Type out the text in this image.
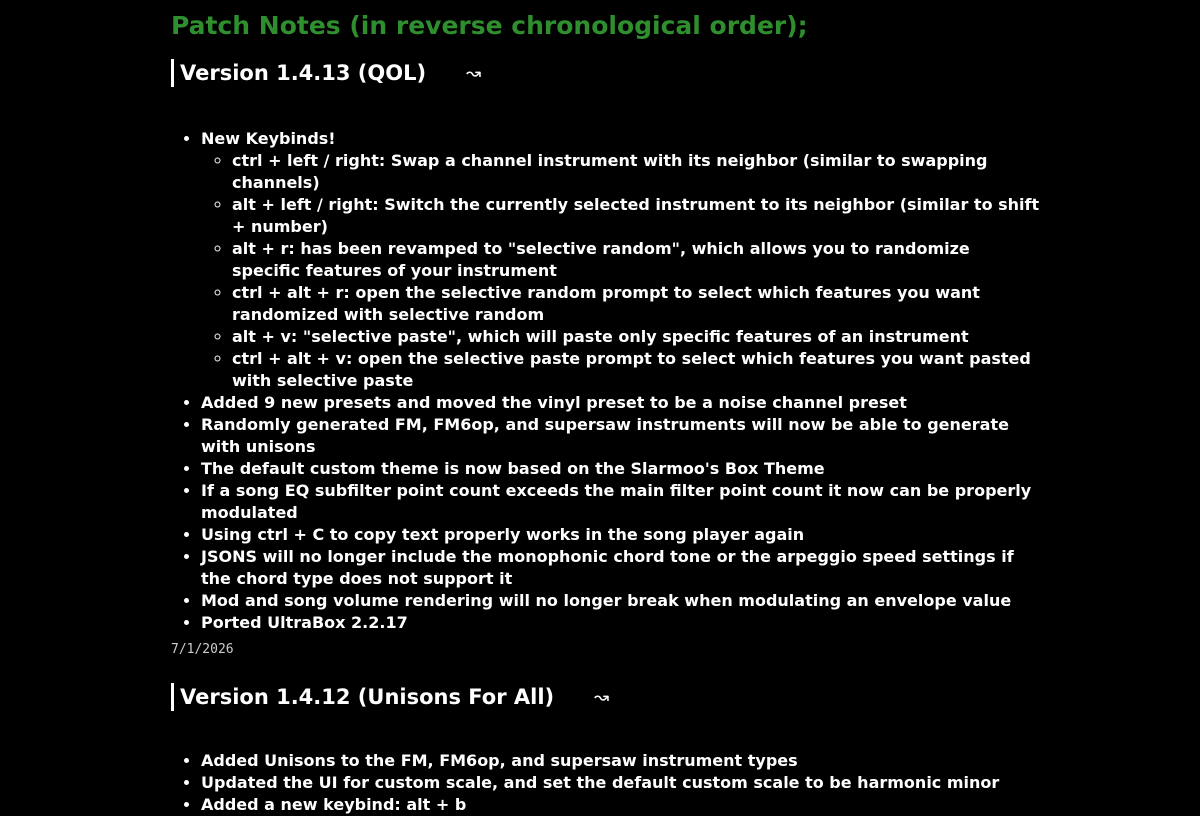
Patch Notes (in reverse chronological order);
Version 1.4.13 (QOL) ↝
• New Keybinds!
◦ ctrl + left / right: Swap a channel instrument with its neighbor (similar to swapping channels)
◦ alt + left / right: Switch the currently selected instrument to its neighbor (similar to shift + number)
◦ alt + r: has been revamped to "selective random", which allows you to randomize specific features of your instrument
◦ ctrl + alt + r: open the selective random prompt to select which features you want randomized with selective random
◦ alt + v: "selective paste", which will paste only specific features of an instrument
◦ ctrl + alt + v: open the selective paste prompt to select which features you want pasted with selective paste
• Added 9 new presets and moved the vinyl preset to be a noise channel preset
• Randomly generated FM, FM6op, and supersaw instruments will now be able to generate with unisons
• The default custom theme is now based on the Slarmoo's Box Theme
• If a song EQ subfilter point count exceeds the main filter point count it now can be properly modulated
• Using ctrl + C to copy text properly works in the song player again
• JSONS will no longer include the monophonic chord tone or the arpeggio speed settings if the chord type does not support it
• Mod and song volume rendering will no longer break when modulating an envelope value
• Ported UltraBox 2.2.17
7/1/2026
Version 1.4.12 (Unisons For All) ↝
• Added Unisons to the FM, FM6op, and supersaw instrument types
• Updated the UI for custom scale, and set the default custom scale to be harmonic minor
• Added a new keybind: alt + b
